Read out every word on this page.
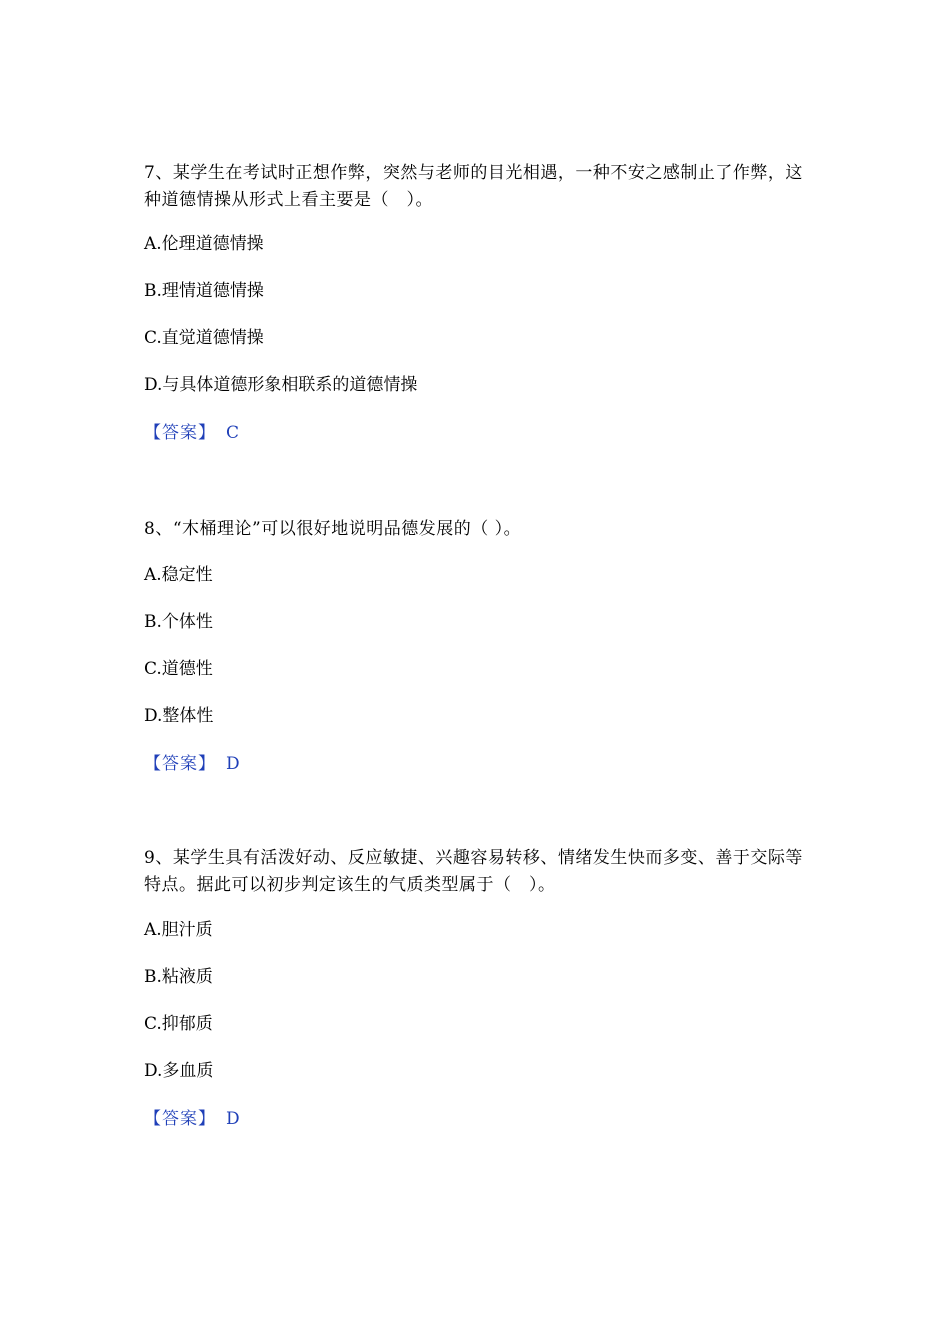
7、某学生在考试时正想作弊，突然与老师的目光相遇，一种不安之感制止了作弊，这种道德情操从形式上看主要是（　）。

A.伦理道德情操

B.理情道德情操

C.直觉道德情操

D.与具体道德形象相联系的道德情操

【答案】 C

8、“木桶理论”可以很好地说明品德发展的（ ）。

A.稳定性

B.个体性

C.道德性

D.整体性

【答案】 D

9、某学生具有活泼好动、反应敏捷、兴趣容易转移、情绪发生快而多变、善于交际等特点。据此可以初步判定该生的气质类型属于（　）。

A.胆汁质

B.粘液质

C.抑郁质

D.多血质

【答案】 D
